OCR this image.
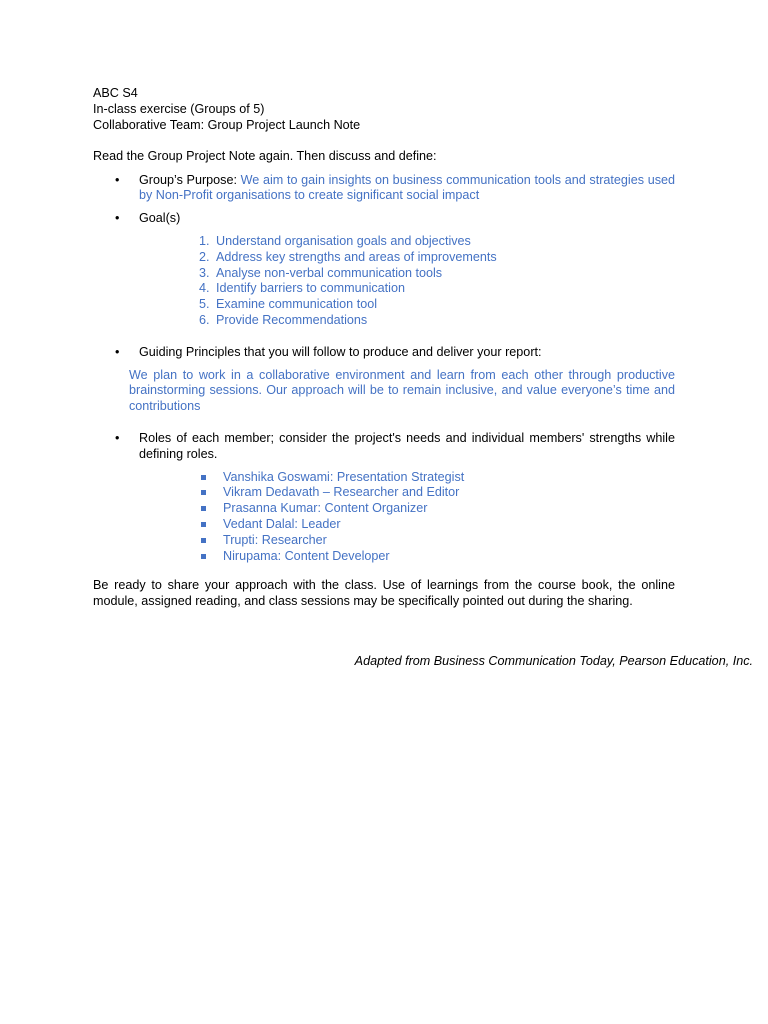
ABC S4
In-class exercise (Groups of 5)
Collaborative Team: Group Project Launch Note

Read the Group Project Note again. Then discuss and define:

• Group’s Purpose: We aim to gain insights on business communication tools and strategies used by Non-Profit organisations to create significant social impact
• Goal(s)
1. Understand organisation goals and objectives
2. Address key strengths and areas of improvements
3. Analyse non-verbal communication tools
4. Identify barriers to communication
5. Examine communication tool
6. Provide Recommendations
• Guiding Principles that you will follow to produce and deliver your report:
We plan to work in a collaborative environment and learn from each other through productive brainstorming sessions. Our approach will be to remain inclusive, and value everyone’s time and contributions
• Roles of each member; consider the project's needs and individual members' strengths while defining roles.
Vanshika Goswami: Presentation Strategist
Vikram Dedavath – Researcher and Editor
Prasanna Kumar: Content Organizer
Vedant Dalal: Leader
Trupti: Researcher
Nirupama: Content Developer

Be ready to share your approach with the class. Use of learnings from the course book, the online module, assigned reading, and class sessions may be specifically pointed out during the sharing.

Adapted from Business Communication Today, Pearson Education, Inc.
